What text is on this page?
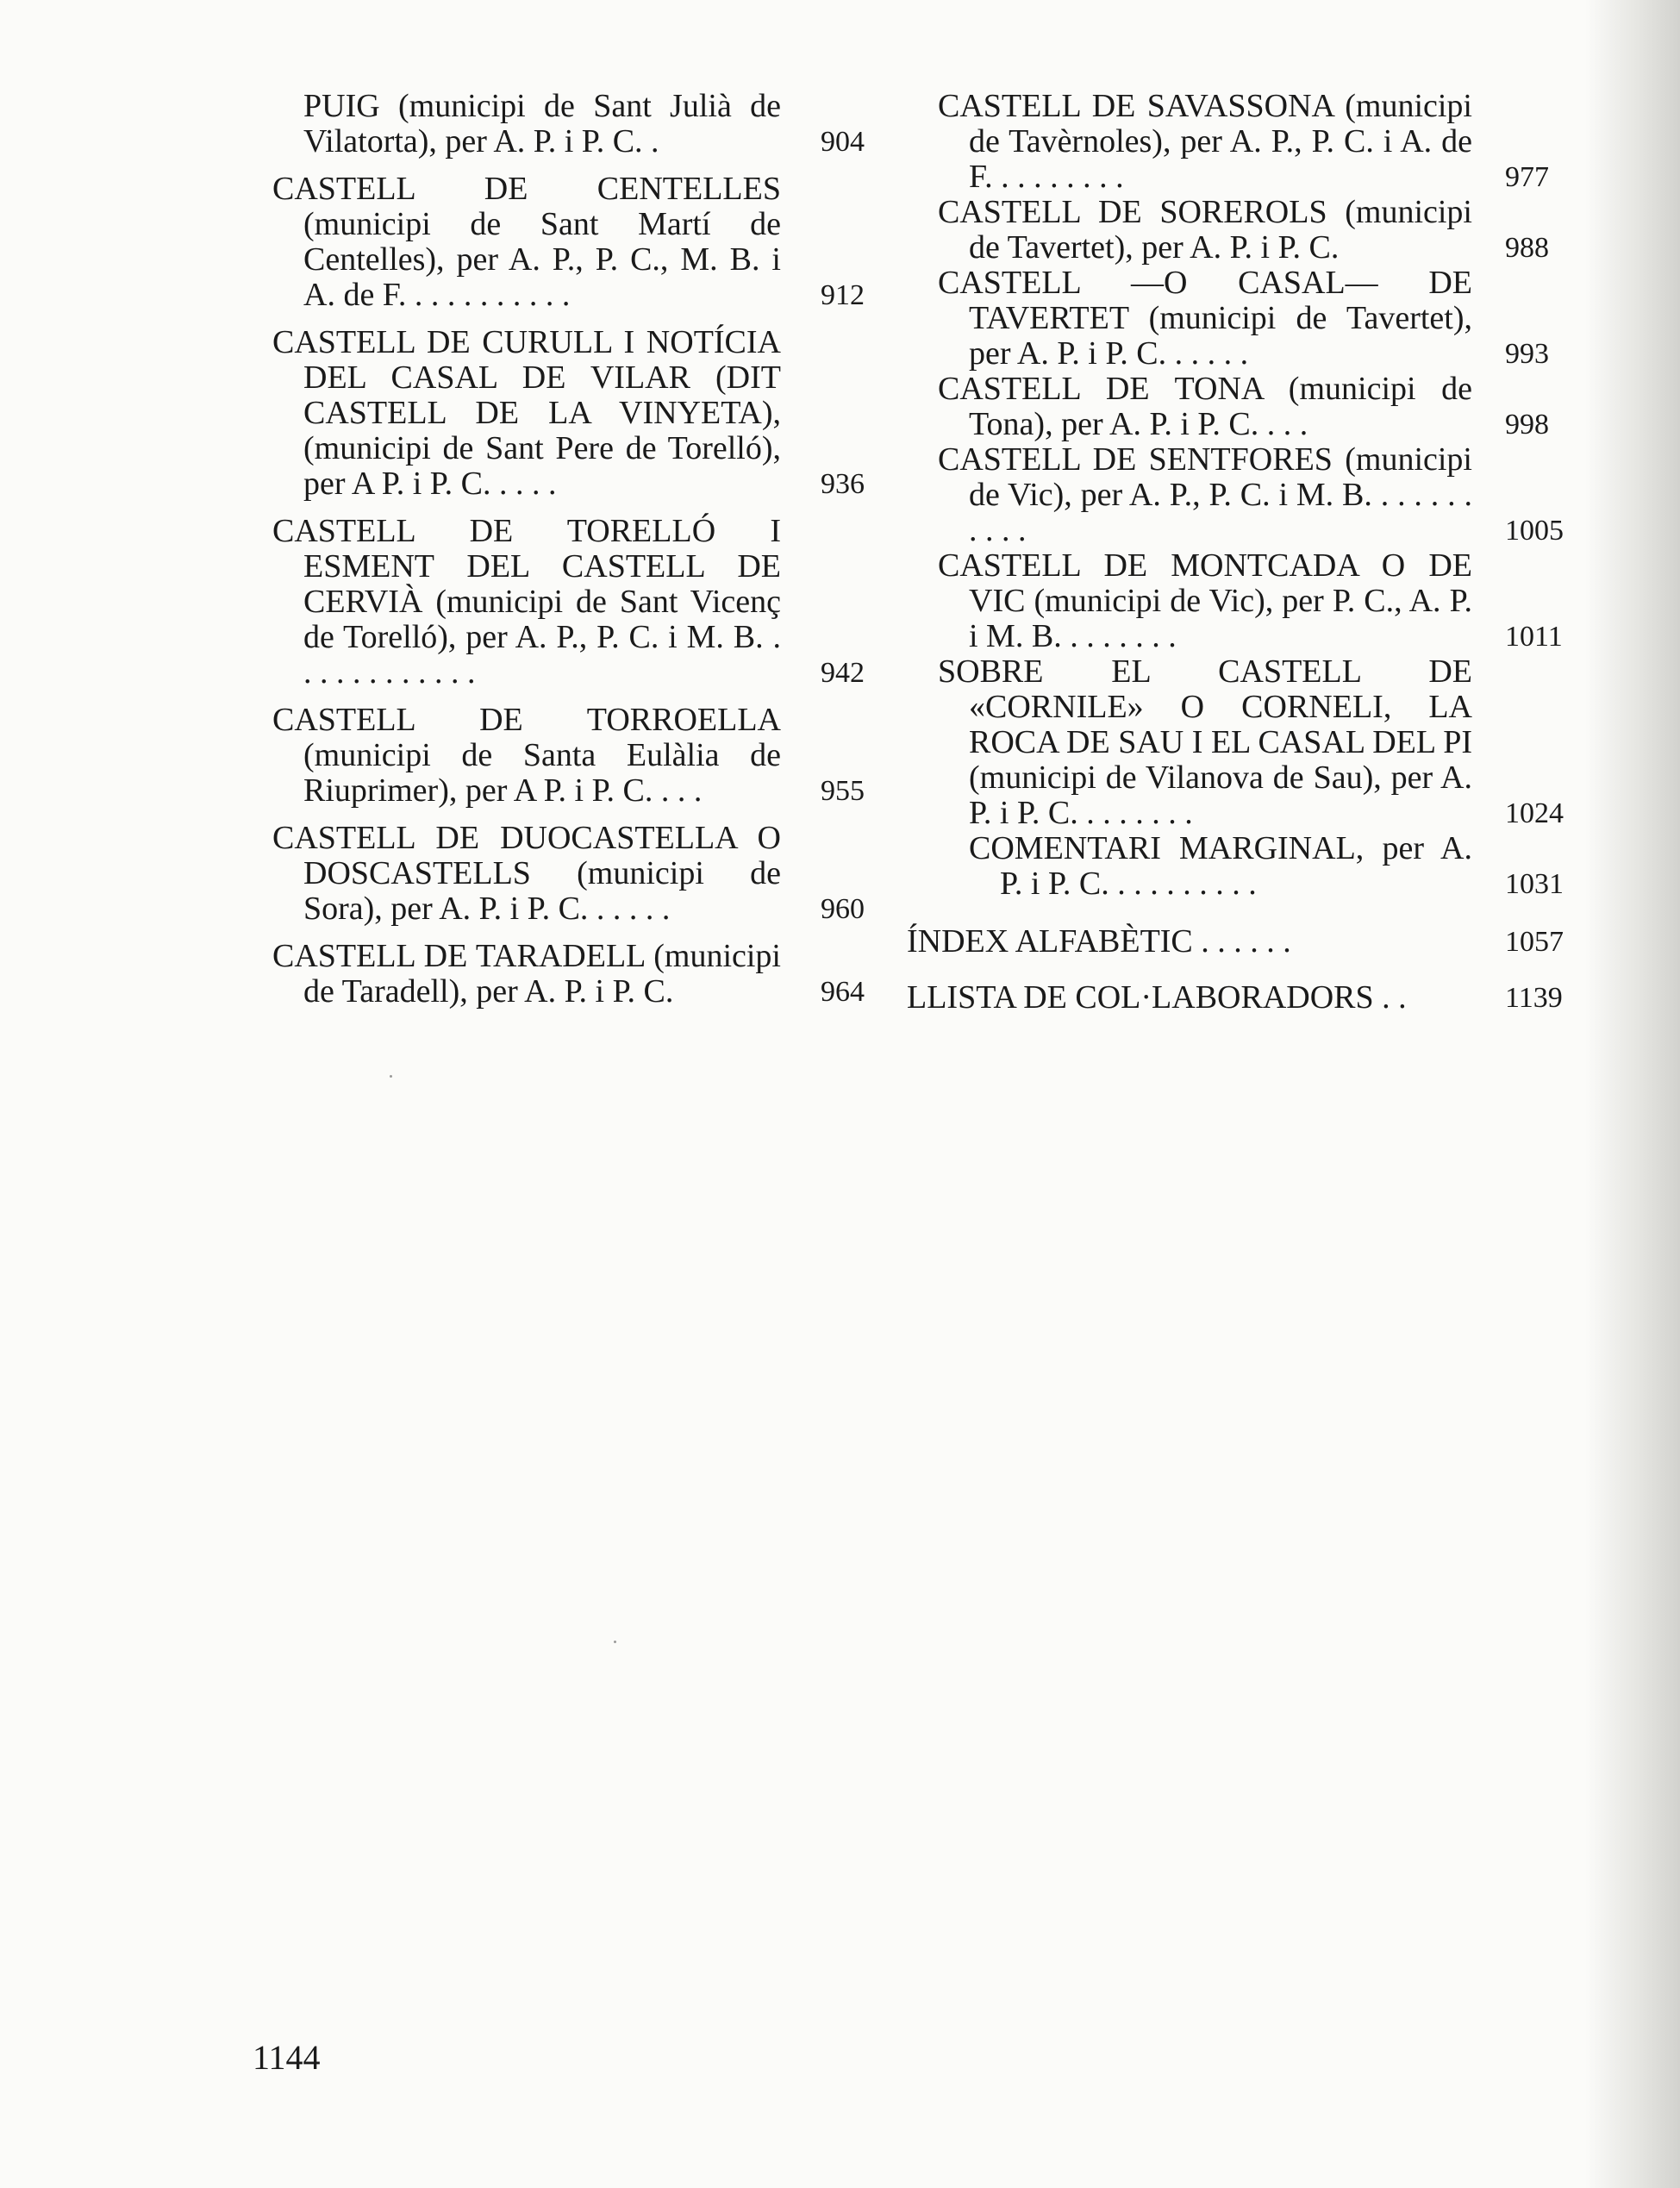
PUIG (municipi de Sant Julià de Vilatorta), per A. P. i P. C. .	904
CASTELL DE CENTELLES (municipi de Sant Martí de Centelles), per A. P., P. C., M. B. i A. de F. . . . . . . . . . .	912
CASTELL DE CURULL I NOTÍCIA DEL CASAL DE VILAR (DIT CASTELL DE LA VINYETA), (municipi de Sant Pere de Torelló), per A P. i P. C. . . . .	936
CASTELL DE TORELLÓ I ESMENT DEL CASTELL DE CERVIÀ (municipi de Sant Vicenç de Torelló), per A. P., P. C. i M. B. . . . . . . . . . . . .	942
CASTELL DE TORROELLA (municipi de Santa Eulàlia de Riuprimer), per A P. i P. C. . . .	955
CASTELL DE DUOCASTELLA O DOSCASTELLS (municipi de Sora), per A. P. i P. C. . . . . .	960
CASTELL DE TARADELL (municipi de Taradell), per A. P. i P. C.	964
CASTELL DE SAVASSONA (municipi de Tavèrnoles), per A. P., P. C. i A. de F. . . . . . . . .	977
CASTELL DE SOREROLS (municipi de Tavertet), per A. P. i P. C.	988
CASTELL —O CASAL— DE TAVERTET (municipi de Tavertet), per A. P. i P. C. . . . . .	993
CASTELL DE TONA (municipi de Tona), per A. P. i P. C. . . .	998
CASTELL DE SENTFORES (municipi de Vic), per A. P., P. C. i M. B. . . . . . . . . . .	1005
CASTELL DE MONTCADA O DE VIC (municipi de Vic), per P. C., A. P. i M. B. . . . . . . .	1011
SOBRE EL CASTELL DE «CORNILE» O CORNELI, LA ROCA DE SAU I EL CASAL DEL PI (municipi de Vilanova de Sau), per A. P. i P. C. . . . . . . .	1024
COMENTARI MARGINAL, per A. P. i P. C. . . . . . . . . .	1031
ÍNDEX ALFABÈTIC . . . . . .	1057
LLISTA DE COL·LABORADORS . .	1139
1144
